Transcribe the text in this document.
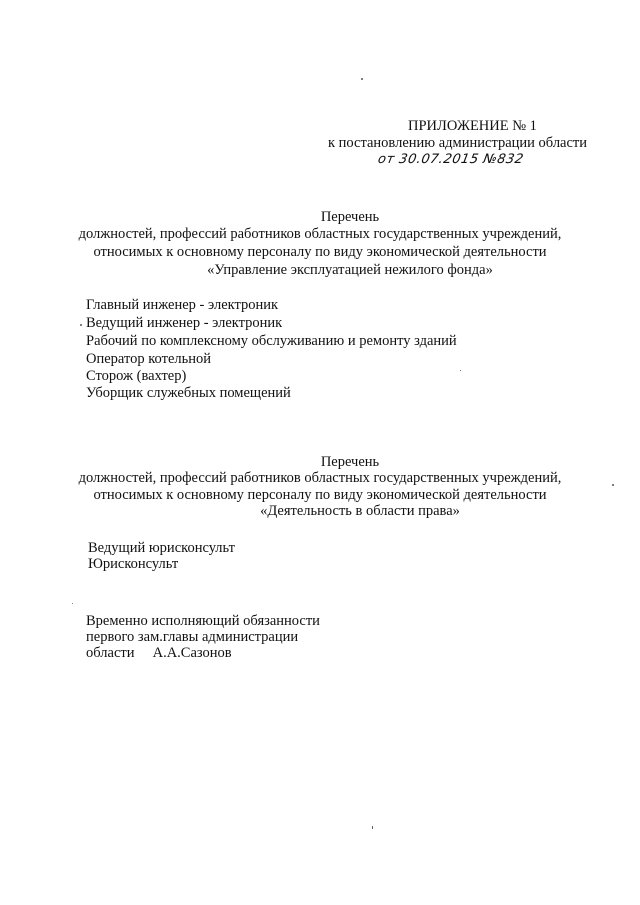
ПРИЛОЖЕНИЕ № 1
к постановлению администрации области
от 30.07.2015 №832
Перечень
должностей, профессий работников областных государственных учреждений,
относимых к основному персоналу по виду экономической деятельности
«Управление эксплуатацией нежилого фонда»
Главный инженер - электроник
Ведущий инженер - электроник
Рабочий по комплексному обслуживанию и ремонту зданий
Оператор котельной
Сторож (вахтер)
Уборщик служебных помещений
Перечень
должностей, профессий работников областных государственных учреждений,
относимых к основному персоналу по виду экономической деятельности
«Деятельность в области права»
Ведущий юрисконсульт
Юрисконсульт
Временно исполняющий обязанности
первого зам.главы администрации
области     А.А.Сазонов
